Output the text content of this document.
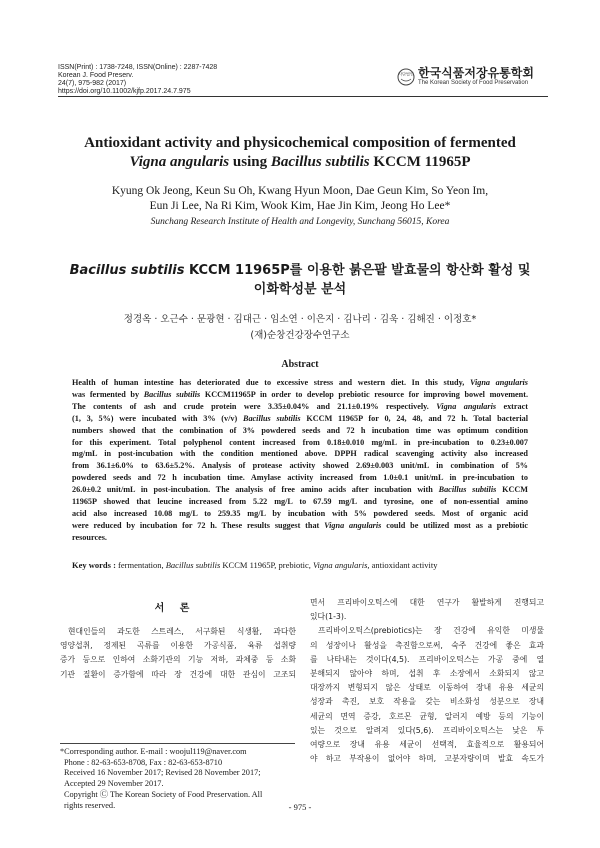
ISSN(Print) : 1738-7248, ISSN(Online) : 2287-7428
Korean J. Food Preserv.
24(7), 975-982 (2017)
https://doi.org/10.11002/kjfp.2017.24.7.975
사단법인 한국식품저장유통학회
The Korean Society of Food Preservation
Antioxidant activity and physicochemical composition of fermented
Vigna angularis using Bacillus subtilis KCCM 11965P
Kyung Ok Jeong, Keun Su Oh, Kwang Hyun Moon, Dae Geun Kim, So Yeon Im,
Eun Ji Lee, Na Ri Kim, Wook Kim, Hae Jin Kim, Jeong Ho Lee*
Sunchang Research Institute of Health and Longevity, Sunchang 56015, Korea
Bacillus subtilis KCCM 11965P를 이용한 붉은팥 발효물의 항산화 활성 및
이화학성분 분석
정경옥 · 오근수 · 문광현 · 김대근 · 임소연 · 이은지 · 김나리 · 김욱 · 김해진 · 이정호*
(재)순창건강장수연구소
Abstract
Health of human intestine has deteriorated due to excessive stress and western diet. In this study, Vigna angularis
was fermented by Bacillus subtilis KCCM11965P in order to develop prebiotic resource for improving bowel movement.
The contents of ash and crude protein were 3.35±0.04% and 21.1±0.19% respectively. Vigna angularis extract
(1, 3, 5%) were incubated with 3% (v/v) Bacillus subtilis KCCM 11965P for 0, 24, 48, and 72 h. Total bacterial
numbers showed that the combination of 3% powdered seeds and 72 h incubation time was optimum condition
for this experiment. Total polyphenol content increased from 0.18±0.010 mg/mL in pre-incubation to 0.23±0.007
mg/mL in post-incubation with the condition mentioned above. DPPH radical scavenging activity also increased
from 36.1±6.0% to 63.6±5.2%. Analysis of protease activity showed 2.69±0.003 unit/mL in combination of 5%
powdered seeds and 72 h incubation time. Amylase activity increased from 1.0±0.1 unit/mL in pre-incubation to
26.0±0.2 unit/mL in post-incubation. The analysis of free amino acids after incubation with Bacillus subtilis KCCM
11965P showed that leucine increased from 5.22 mg/L to 67.59 mg/L and tyrosine, one of non-essential amino
acid also increased 10.08 mg/L to 259.35 mg/L by incubation with 5% powdered seeds. Most of organic acid
were reduced by incubation for 72 h. These results suggest that Vigna angularis could be utilized most as a prebiotic
resources.
Key words : fermentation, Bacillus subtilis KCCM 11965P, prebiotic, Vigna angularis, antioxidant activity
서 론
현대인들의 과도한 스트레스, 서구화된 식생활, 과다한
영양섭취, 정제된 곡류를 이용한 가공식품, 육류 섭취량
증가 등으로 인하여 소화기관의 기능 저하, 과체중 등 소화
기관 질환이 증가함에 따라 장 건강에 대한 관심이 고조되
면서 프리바이오틱스에 대한 연구가 활발하게 진행되고
있다(1-3).
프리바이오틱스(prebiotics)는 장 건강에 유익한 미생물
의 성장이나 활성을 촉진함으로써, 숙주 건강에 좋은 효과
를 나타내는 것이다(4,5). 프리바이오틱스는 가공 중에 열
분해되지 않아야 하며, 섭취 후 소장에서 소화되지 않고
대장까지 변형되지 않은 상태로 이동하여 장내 유용 세균의
성장과 촉진, 보호 작용을 갖는 비소화성 성분으로 장내
세균의 면역 증강, 호르몬 균형, 알러지 예방 등의 기능이
있는 것으로 알려져 있다(5,6). 프리바이오틱스는 낮은 투
여량으로 장내 유용 세균이 선택적, 효율적으로 활용되어
야 하고 부작용이 없어야 하며, 고분자량이며 발효 속도가
*Corresponding author. E-mail : woojul119@naver.com
Phone : 82-63-653-8708, Fax : 82-63-653-8710
Received 16 November 2017; Revised 28 November 2017;
Accepted 29 November 2017.
Copyright Ⓒ The Korean Society of Food Preservation. All
rights reserved.	- 975 -
